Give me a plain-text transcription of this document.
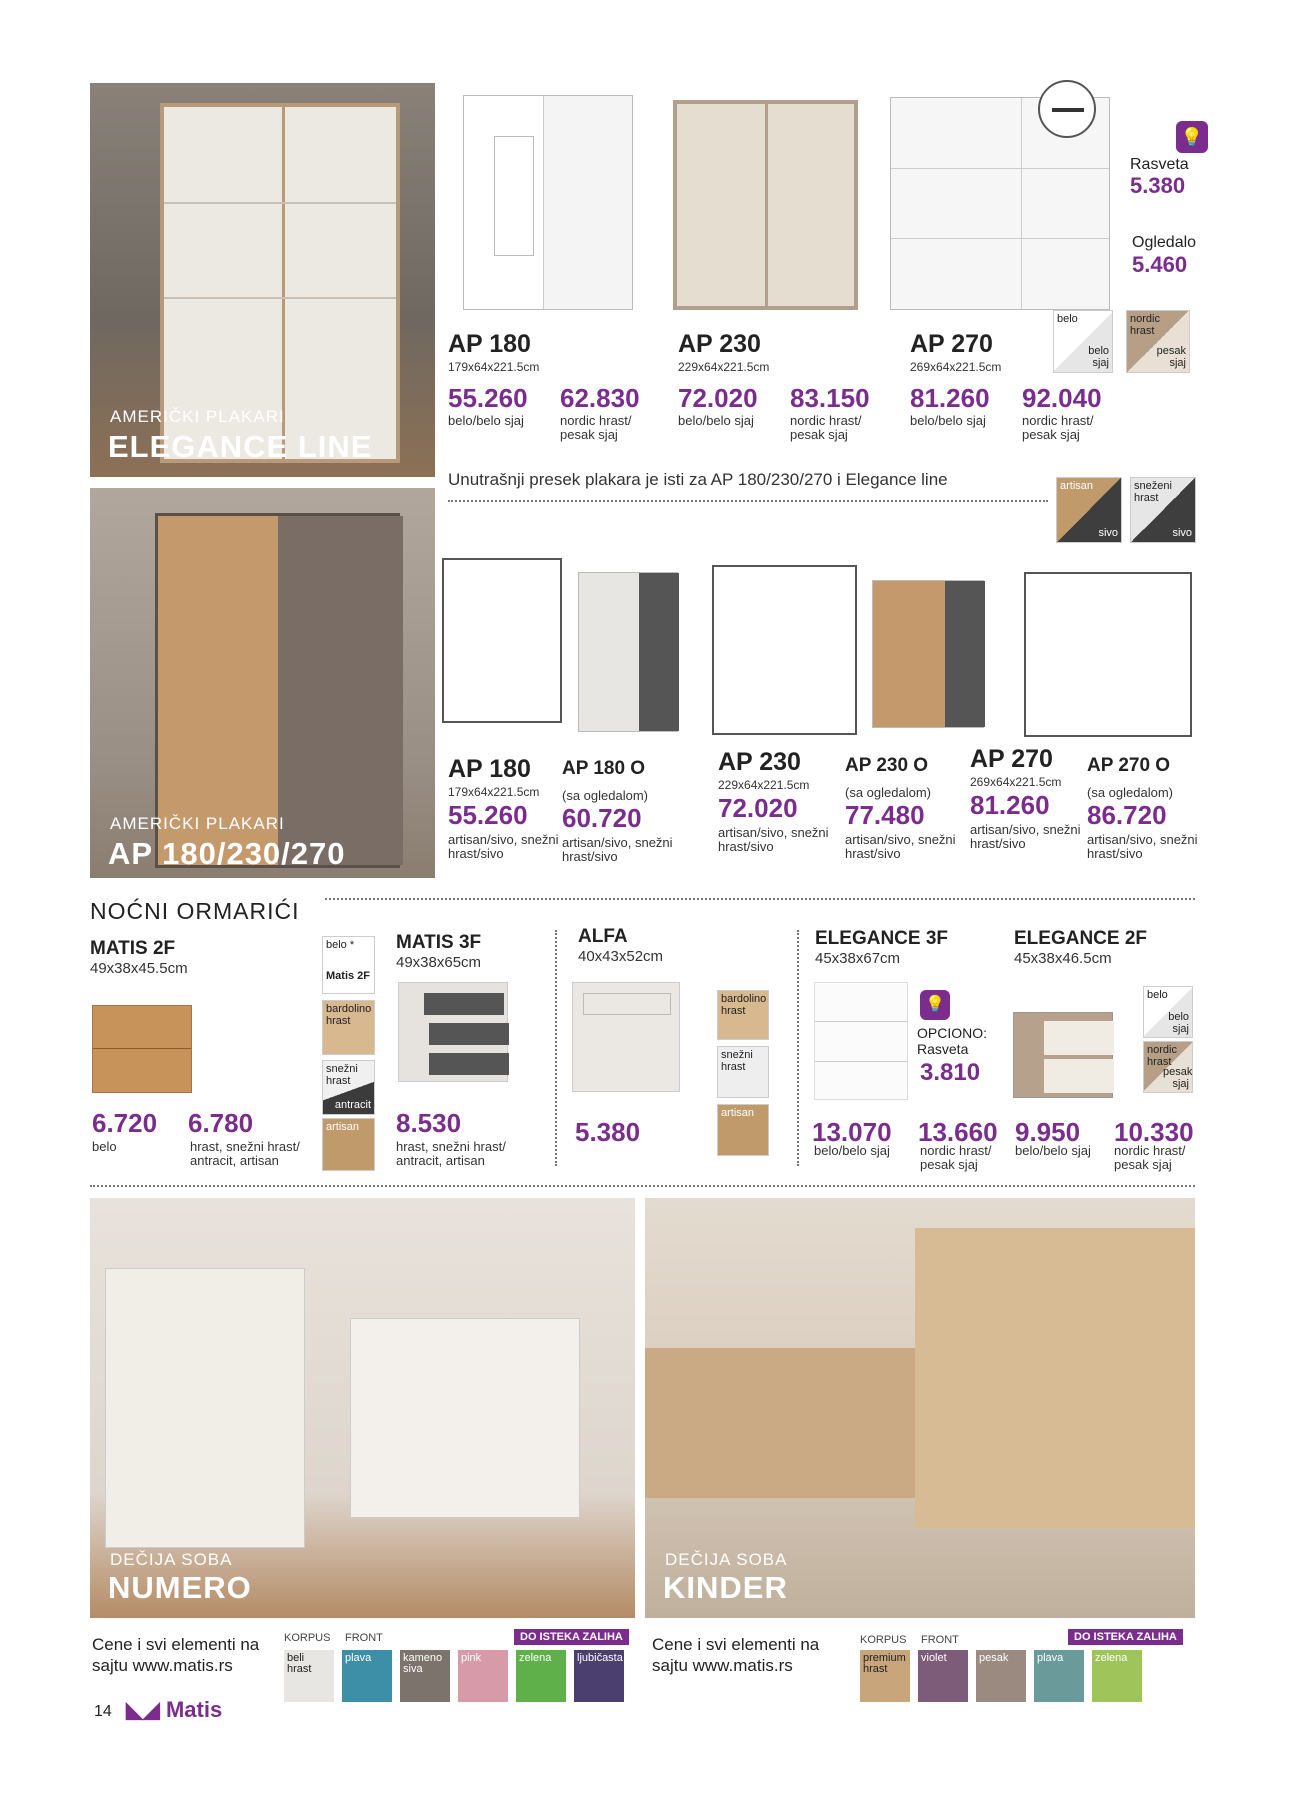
AMERIČKI PLAKARI
ELEGANCE LINE
💡
Rasveta
5.380
Ogledalo
5.460
belo
belo sjaj
nordic hrast
pesak sjaj
AP 180
179x64x221.5cm
55.260
belo/belo sjaj
62.830
nordic hrast/ pesak sjaj
AP 230
229x64x221.5cm
72.020
belo/belo sjaj
83.150
nordic hrast/ pesak sjaj
AP 270
269x64x221.5cm
81.260
belo/belo sjaj
92.040
nordic hrast/ pesak sjaj
Unutrašnji presek plakara je isti za AP 180/230/270 i Elegance line	artisan
sivo
sneženi hrast
sivo
AMERIČKI PLAKARI
AP 180/230/270
AP 180
179x64x221.5cm
55.260
artisan/sivo, snežni hrast/sivo
AP 180 O
(sa ogledalom)
60.720
artisan/sivo, snežni hrast/sivo
AP 230
229x64x221.5cm
72.020
artisan/sivo, snežni hrast/sivo
AP 230 O
(sa ogledalom)
77.480
artisan/sivo, snežni hrast/sivo
AP 270
269x64x221.5cm
81.260
artisan/sivo, snežni hrast/sivo
AP 270 O
(sa ogledalom)
86.720
artisan/sivo, snežni hrast/sivo
NOĆNI ORMARIĆI
MATIS 2F
49x38x45.5cm
6.720
belo
6.780
hrast, snežni hrast/ antracit, artisan
belo *
Matis 2F
bardolino hrast
snežni hrast
antracit
artisan
MATIS 3F
49x38x65cm
8.530
hrast, snežni hrast/ antracit, artisan
ALFA
40x43x52cm
5.380
bardolino hrast
snežni hrast
artisan
ELEGANCE 3F
45x38x67cm
💡
OPCIONO:
Rasveta
3.810
13.070
belo/belo sjaj
13.660
nordic hrast/ pesak sjaj
ELEGANCE 2F
45x38x46.5cm
belo
belo sjaj
nordic hrast
pesak sjaj
9.950
belo/belo sjaj
10.330
nordic hrast/ pesak sjaj
DEČIJA SOBA
NUMERO
DEČIJA SOBA
KINDER
Cene i svi elementi na sajtu www.matis.rs
KORPUS FRONT	DO ISTEKA ZALIHA
beli hrast
plava	kameno siva
pink	zelena	ljubičasta
Cene i svi elementi na sajtu www.matis.rs
KORPUS FRONT	DO ISTEKA ZALIHA
premium hrast
violet	pesak	plava	zelena
14 ◣◢ Matis
